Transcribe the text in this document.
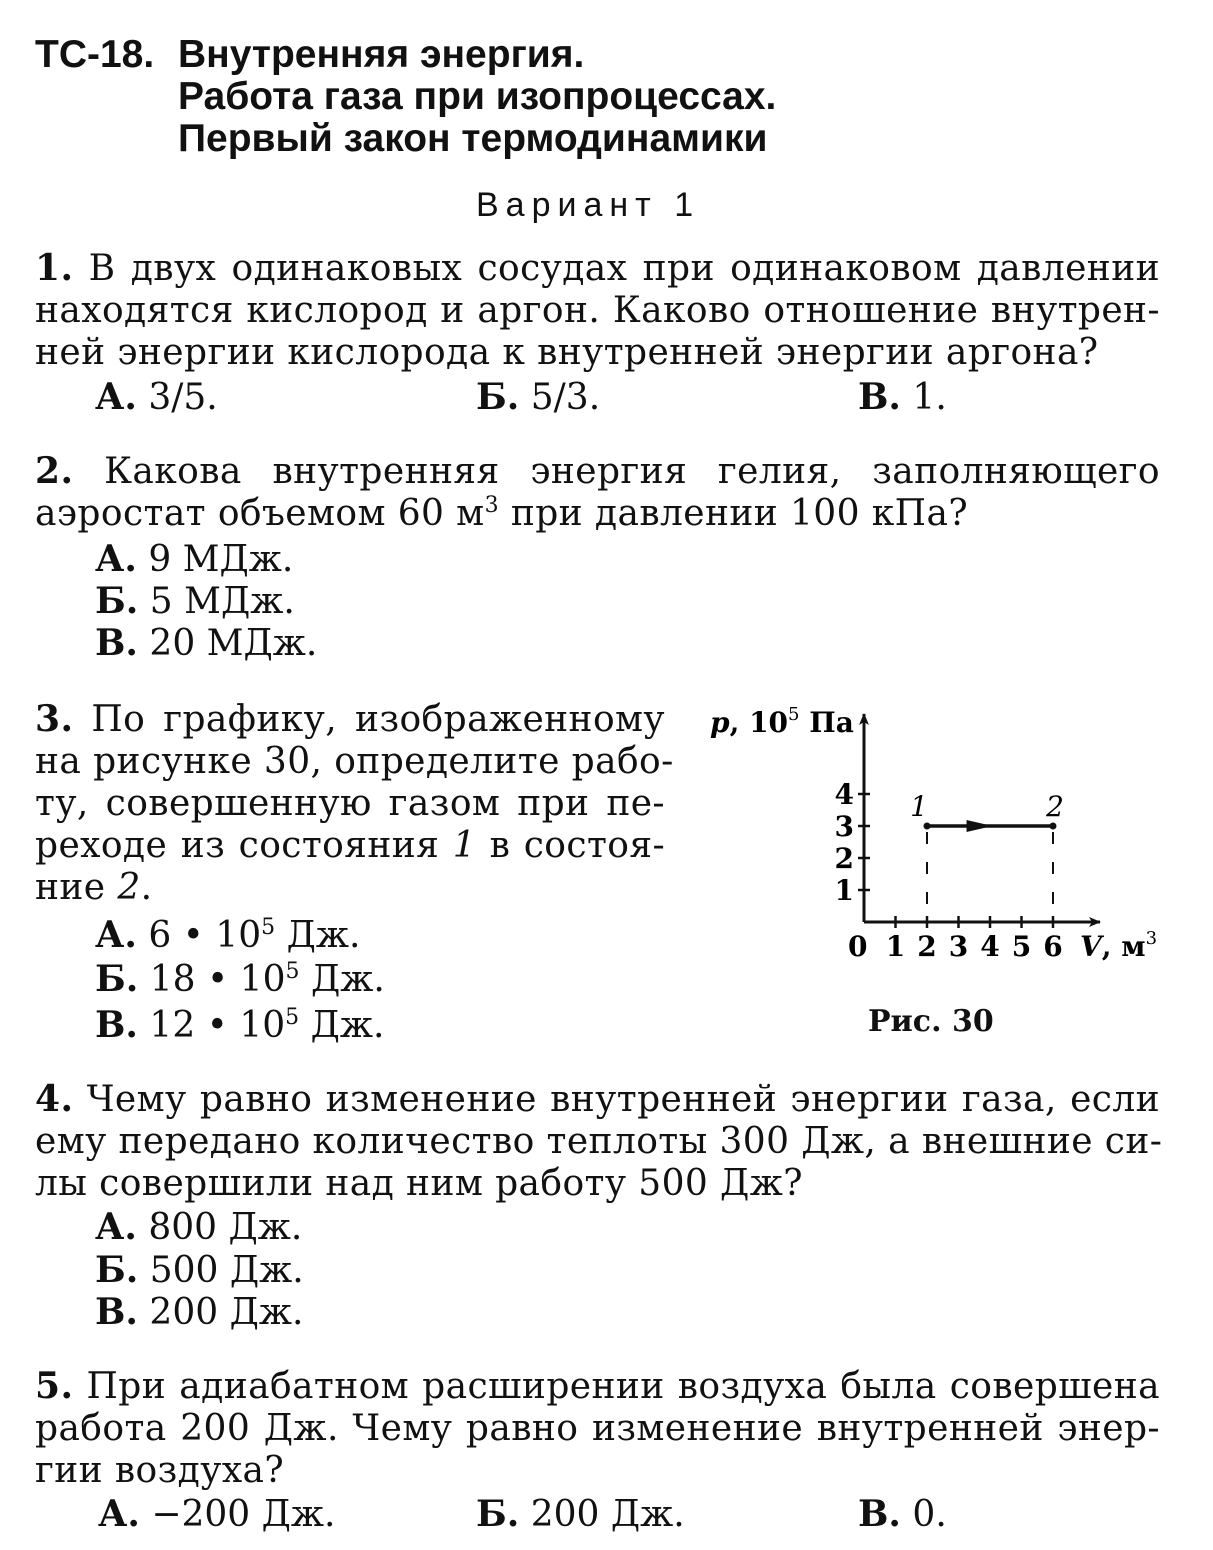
ТС-18. Внутренняя энергия.
Работа газа при изопроцессах.
Первый закон термодинамики
Вариант 1
1. В двух одинаковых сосудах при одинаковом давлении
находятся кислород и аргон. Каково отношение внутрен-
ней энергии кислорода к внутренней энергии аргона?
А. 3/5.	Б. 5/3.	В. 1.
2. Какова внутренняя энергия гелия, заполняющего
аэростат объемом 60 $м^3$ при давлении 100 кПа?
А. 9 МДж.
Б. 5 МДж.
В. 20 МДж.
3. По графику, изображенному
на рисунке 30, определите рабо-
ту, совершенную газом при пе-
реходе из состояния 1 в состоя-
ние 2.
А. 6 • $10^5$ Дж.
Б. 18 • $10^5$ Дж.
В. 12 • $10^5$ Дж.
1 2 3 4 5 6
1
2
3
4 1	2
p, $10^5$ Па
0	V, $м^3$
Рис. 30
4. Чему равно изменение внутренней энергии газа, если
ему передано количество теплоты 300 Дж, а внешние си-
лы совершили над ним работу 500 Дж?
А. 800 Дж.
Б. 500 Дж.
В. 200 Дж.
5. При адиабатном расширении воздуха была совершена
работа 200 Дж. Чему равно изменение внутренней энер-
гии воздуха?
А. −200 Дж.	Б. 200 Дж.	В. 0.
